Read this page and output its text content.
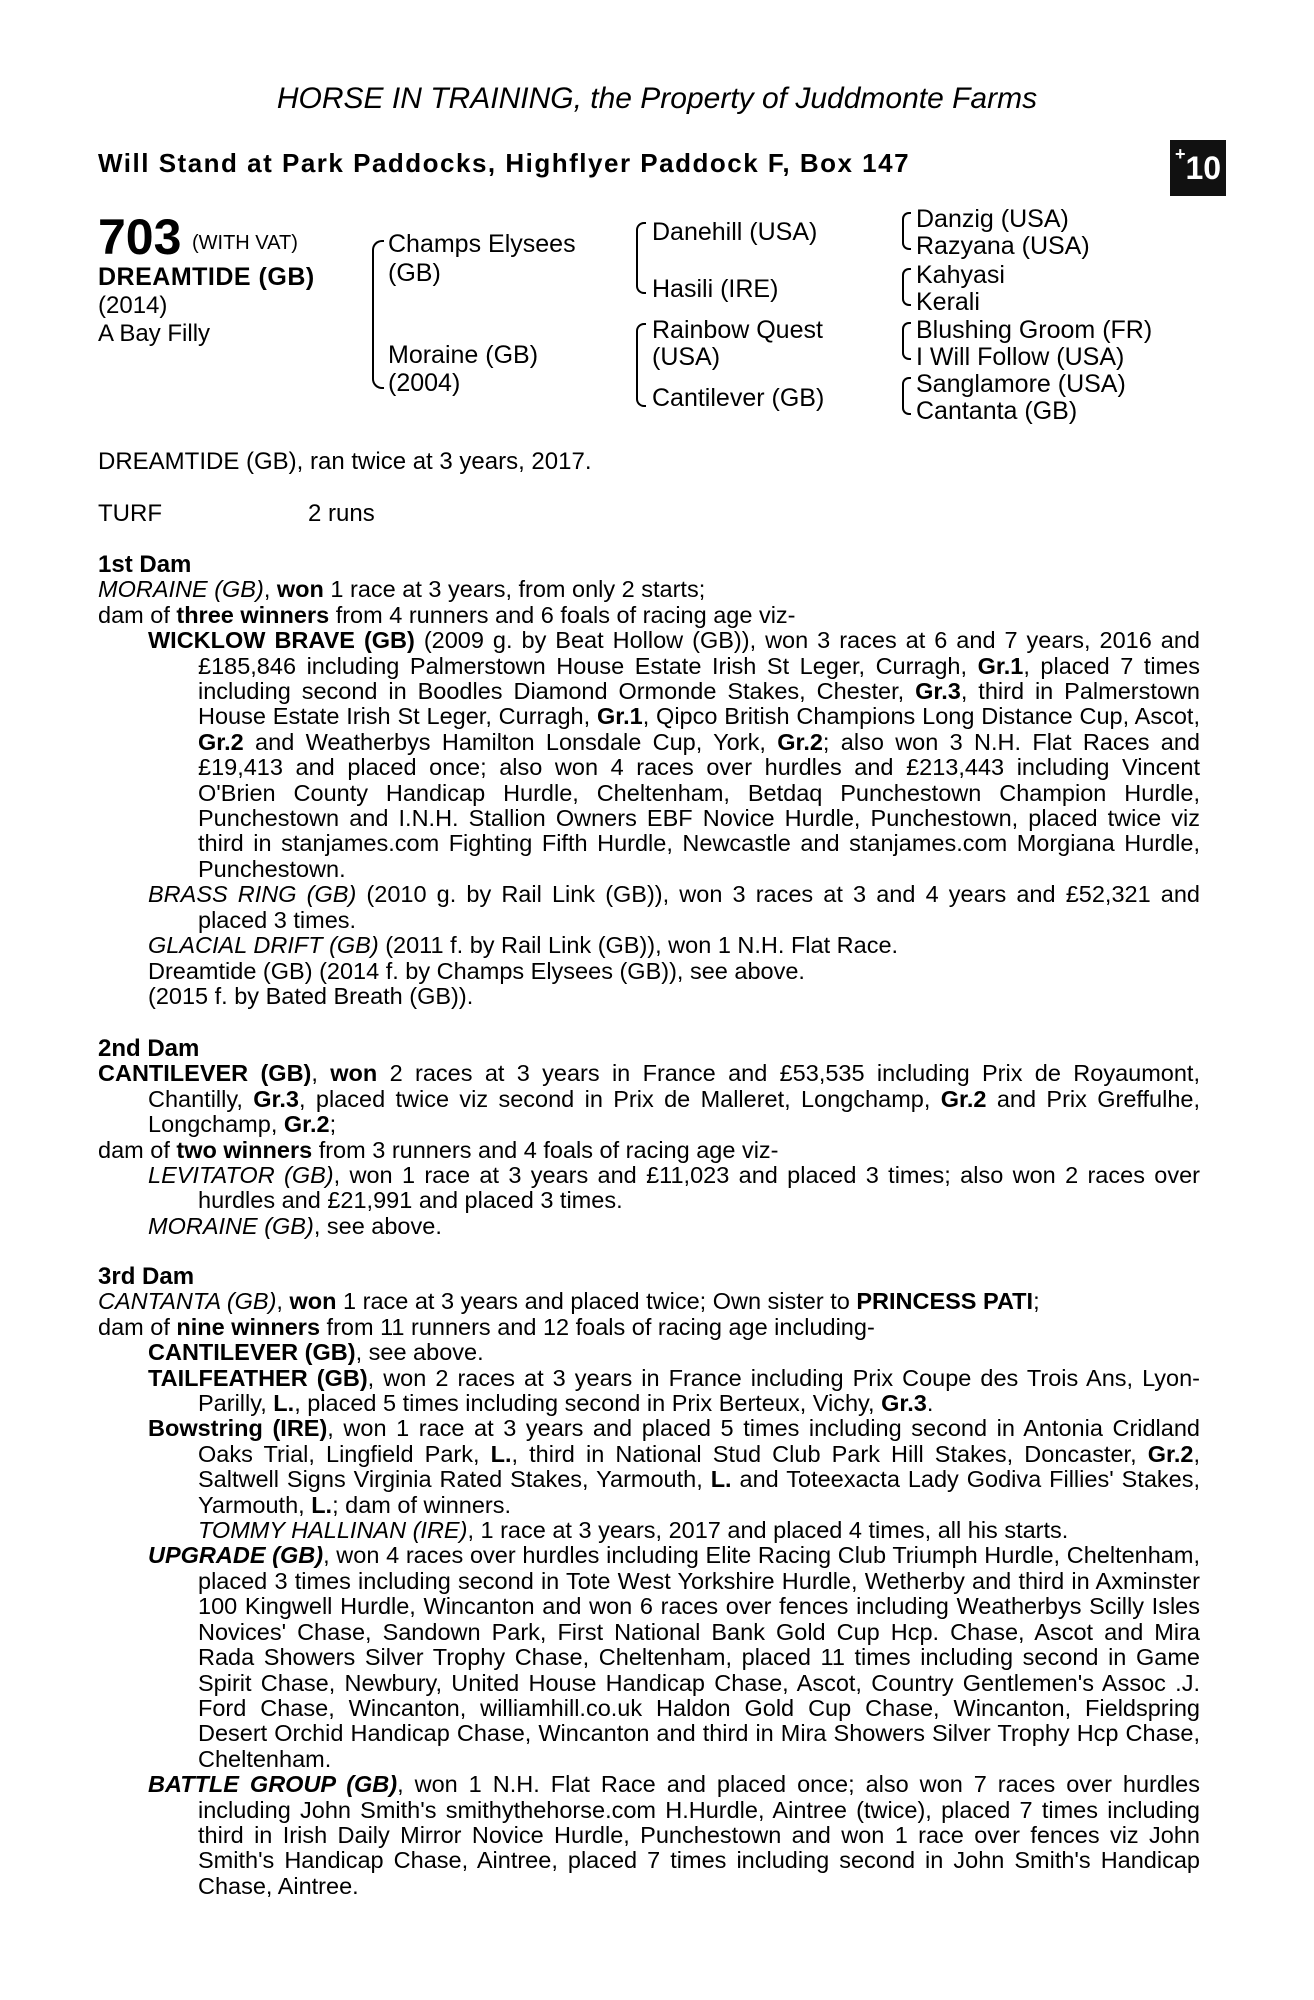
HORSE IN TRAINING, the Property of Juddmonte Farms
Will Stand at Park Paddocks, Highflyer Paddock F, Box 147	+ 10
703 (WITH VAT)
DREAMTIDE (GB)
(2014)
A Bay Filly
Champs Elysees
(GB)
Moraine (GB)
(2004)
Danehill (USA)
Hasili (IRE)
Rainbow Quest
(USA)
Cantilever (GB)
Danzig (USA)
Razyana (USA)
Kahyasi
Kerali
Blushing Groom (FR)
I Will Follow (USA)
Sanglamore (USA)
Cantanta (GB)
DREAMTIDE (GB), ran twice at 3 years, 2017.
TURF	2 runs
1st Dam
MORAINE (GB), won 1 race at 3 years, from only 2 starts;
dam of three winners from 4 runners and 6 foals of racing age viz-
WICKLOW BRAVE (GB) (2009 g. by Beat Hollow (GB)), won 3 races at 6 and 7 years, 2016 and £185,846 including Palmerstown House Estate Irish St Leger, Curragh, Gr.1, placed 7 times including second in Boodles Diamond Ormonde Stakes, Chester, Gr.3, third in Palmerstown House Estate Irish St Leger, Curragh, Gr.1, Qipco British Champions Long Distance Cup, Ascot, Gr.2 and Weatherbys Hamilton Lonsdale Cup, York, Gr.2; also won 3 N.H. Flat Races and £19,413 and placed once; also won 4 races over hurdles and £213,443 including Vincent O'Brien County Handicap Hurdle, Cheltenham, Betdaq Punchestown Champion Hurdle, Punchestown and I.N.H. Stallion Owners EBF Novice Hurdle, Punchestown, placed twice viz third in stanjames.com Fighting Fifth Hurdle, Newcastle and stanjames.com Morgiana Hurdle, Punchestown.
BRASS RING (GB) (2010 g. by Rail Link (GB)), won 3 races at 3 and 4 years and £52,321 and placed 3 times.
GLACIAL DRIFT (GB) (2011 f. by Rail Link (GB)), won 1 N.H. Flat Race.
Dreamtide (GB) (2014 f. by Champs Elysees (GB)), see above.
(2015 f. by Bated Breath (GB)).
2nd Dam
CANTILEVER (GB), won 2 races at 3 years in France and £53,535 including Prix de Royaumont, Chantilly, Gr.3, placed twice viz second in Prix de Malleret, Longchamp, Gr.2 and Prix Greffulhe, Longchamp, Gr.2;
dam of two winners from 3 runners and 4 foals of racing age viz-
LEVITATOR (GB), won 1 race at 3 years and £11,023 and placed 3 times; also won 2 races over hurdles and £21,991 and placed 3 times.
MORAINE (GB), see above.
3rd Dam
CANTANTA (GB), won 1 race at 3 years and placed twice; Own sister to PRINCESS PATI;
dam of nine winners from 11 runners and 12 foals of racing age including-
CANTILEVER (GB), see above.
TAILFEATHER (GB), won 2 races at 3 years in France including Prix Coupe des Trois Ans, Lyon-Parilly, L., placed 5 times including second in Prix Berteux, Vichy, Gr.3.
Bowstring (IRE), won 1 race at 3 years and placed 5 times including second in Antonia Cridland Oaks Trial, Lingfield Park, L., third in National Stud Club Park Hill Stakes, Doncaster, Gr.2, Saltwell Signs Virginia Rated Stakes, Yarmouth, L. and Toteexacta Lady Godiva Fillies' Stakes, Yarmouth, L.; dam of winners.
TOMMY HALLINAN (IRE), 1 race at 3 years, 2017 and placed 4 times, all his starts.
UPGRADE (GB), won 4 races over hurdles including Elite Racing Club Triumph Hurdle, Cheltenham, placed 3 times including second in Tote West Yorkshire Hurdle, Wetherby and third in Axminster 100 Kingwell Hurdle, Wincanton and won 6 races over fences including Weatherbys Scilly Isles Novices' Chase, Sandown Park, First National Bank Gold Cup Hcp. Chase, Ascot and Mira Rada Showers Silver Trophy Chase, Cheltenham, placed 11 times including second in Game Spirit Chase, Newbury, United House Handicap Chase, Ascot, Country Gentlemen's Assoc .J. Ford Chase, Wincanton, williamhill.co.uk Haldon Gold Cup Chase, Wincanton, Fieldspring Desert Orchid Handicap Chase, Wincanton and third in Mira Showers Silver Trophy Hcp Chase, Cheltenham.
BATTLE GROUP (GB), won 1 N.H. Flat Race and placed once; also won 7 races over hurdles including John Smith's smithythehorse.com H.Hurdle, Aintree (twice), placed 7 times including third in Irish Daily Mirror Novice Hurdle, Punchestown and won 1 race over fences viz John Smith's Handicap Chase, Aintree, placed 7 times including second in John Smith's Handicap Chase, Aintree.
